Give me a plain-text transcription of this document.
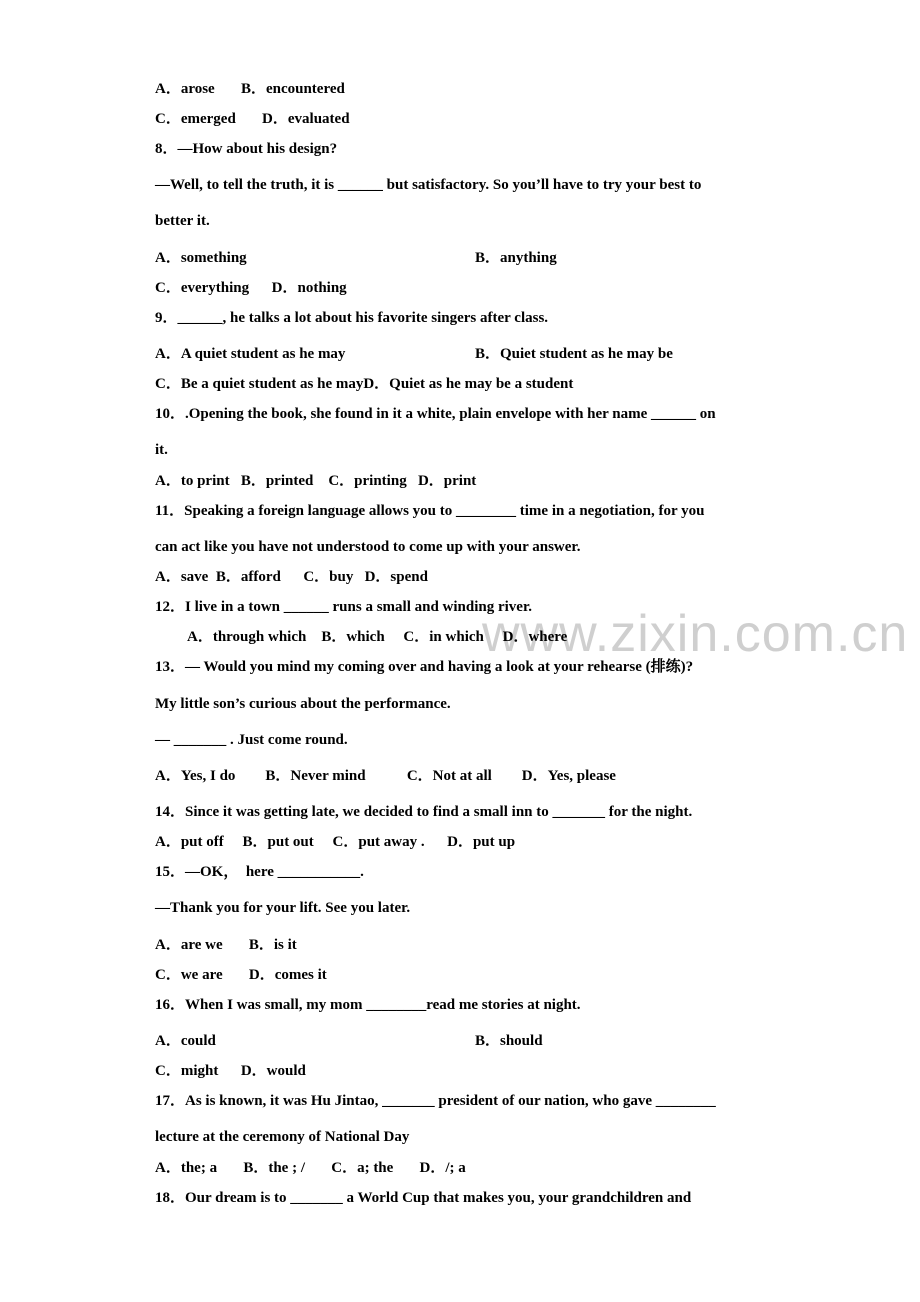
www.zixin.com.cn
A．arose       B．encountered
C．emerged       D．evaluated
8．—How about his design?
—Well, to tell the truth, it is ______ but satisfactory. So you’ll have to try your best to
better it.
A．something	B．anything
C．everything      D．nothing
9．______, he talks a lot about his favorite singers after class.
A．A quiet student as he may	B．Quiet student as he may be
C．Be a quiet student as he mayD．Quiet as he may be a student
10．.Opening the book, she found in it a white, plain envelope with her name ______ on
it.
A．to print   B．printed    C．printing   D．print
11．Speaking a foreign language allows you to ________ time in a negotiation, for you
can act like you have not understood to come up with your answer.
A．save  B．afford      C．buy   D．spend
12．I live in a town ______ runs a small and winding river.
A．through which    B．which     C．in which     D．where
13．— Would you mind my coming over and having a look at your rehearse (排练)?
My little son’s curious about the performance.
— _______ . Just come round.
A．Yes, I do        B．Never mind           C．Not at all        D．Yes, please
14．Since it was getting late, we decided to find a small inn to _______ for the night.
A．put off     B．put out     C．put away .      D．put up
15．—OK，  here ___________.
—Thank you for your lift. See you later.
A．are we       B．is it
C．we are       D．comes it
16．When I was small, my mom ________read me stories at night.
A．could	B．should
C．might      D．would
17．As is known, it was Hu Jintao, _______ president of our nation, who gave ________
lecture at the ceremony of National Day
A．the; a       B．the ; /       C．a; the       D．/; a
18．Our dream is to _______ a World Cup that makes you, your grandchildren and
